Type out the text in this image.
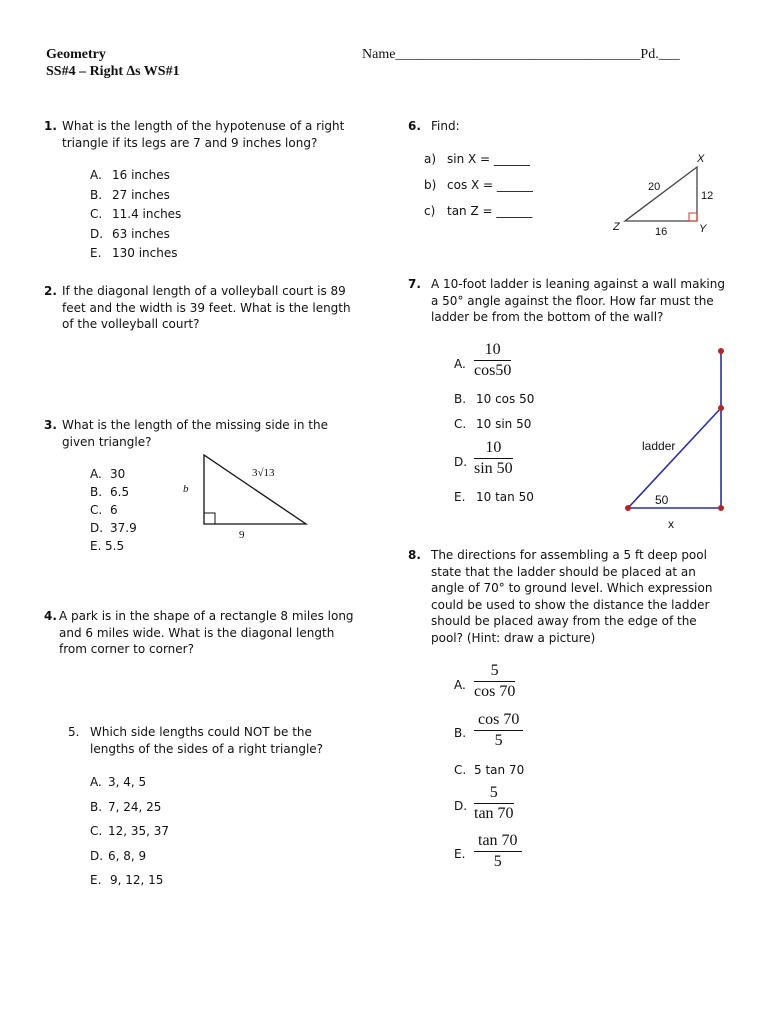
Geometry
SS#4 – Right ∆s WS#1
Name___________________________________Pd.___
1. What is the length of the hypotenuse of a right triangle if its legs are 7 and 9 inches long?
A. 16 inches
B. 27 inches
C. 11.4 inches
D. 63 inches
E. 130 inches
2. If the diagonal length of a volleyball court is 89 feet and the width is 39 feet. What is the length of the volleyball court?
3. What is the length of the missing side in the given triangle?
A. 30
B. 6.5
C. 6
D. 37.9
E. 5.5
b
3√13
9
4. A park is in the shape of a rectangle 8 miles long and 6 miles wide. What is the diagonal length from corner to corner?
5. Which side lengths could NOT be the lengths of the sides of a right triangle?
A. 3, 4, 5
B. 7, 24, 25
C. 12, 35, 37
D. 6, 8, 9
E. 9, 12, 15
6. Find:
a) sin X = ______
b) cos X = ______
c) tan Z = ______
X
Y
Z
20
12
16
7. A 10-foot ladder is leaning against a wall making a 50° angle against the floor. How far must the ladder be from the bottom of the wall?
A. $\frac{10}{\cos 50}$
B. 10 cos 50
C. 10 sin 50
D. $\frac{10}{\sin 50}$
E. 10 tan 50
ladder
50
x
8. The directions for assembling a 5 ft deep pool state that the ladder should be placed at an angle of 70° to ground level. Which expression could be used to show the distance the ladder should be placed away from the edge of the pool? (Hint: draw a picture)
A. $\frac{5}{\cos 70}$
B. $\frac{\cos 70}{5}$
C. 5 tan 70
D. $\frac{5}{\tan 70}$
E. $\frac{\tan 70}{5}$
